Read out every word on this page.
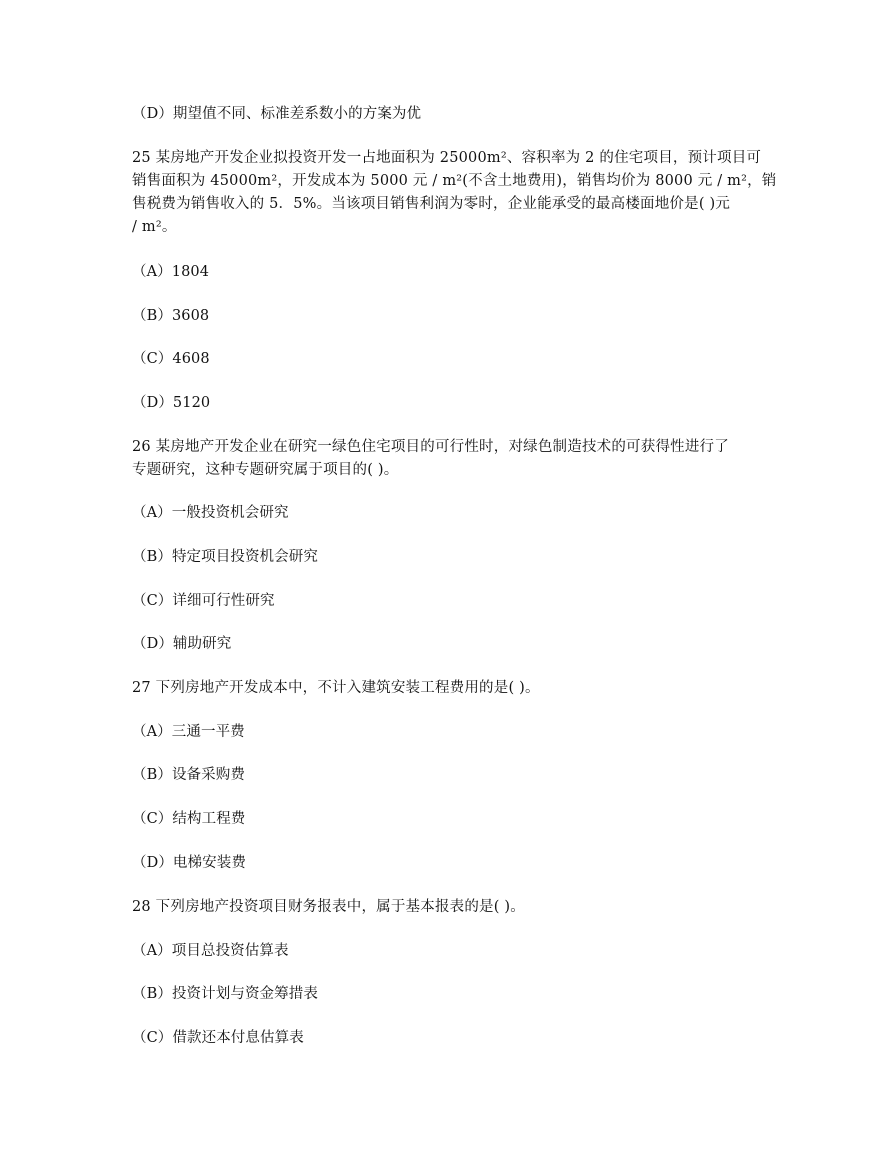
（D）期望值不同、标准差系数小的方案为优
25 某房地产开发企业拟投资开发一占地面积为 25000m²、容积率为 2 的住宅项目，预计项目可
销售面积为 45000m²，开发成本为 5000 元 / m²(不含土地费用)，销售均价为 8000 元 / m²，销
售税费为销售收入的 5．5%。当该项目销售利润为零时，企业能承受的最高楼面地价是( )元
/ m²。
（A）1804
（B）3608
（C）4608
（D）5120
26 某房地产开发企业在研究一绿色住宅项目的可行性时，对绿色制造技术的可获得性进行了
专题研究，这种专题研究属于项目的( )。
（A）一般投资机会研究
（B）特定项目投资机会研究
（C）详细可行性研究
（D）辅助研究
27 下列房地产开发成本中，不计入建筑安装工程费用的是( )。
（A）三通一平费
（B）设备采购费
（C）结构工程费
（D）电梯安装费
28 下列房地产投资项目财务报表中，属于基本报表的是( )。
（A）项目总投资估算表
（B）投资计划与资金筹措表
（C）借款还本付息估算表
